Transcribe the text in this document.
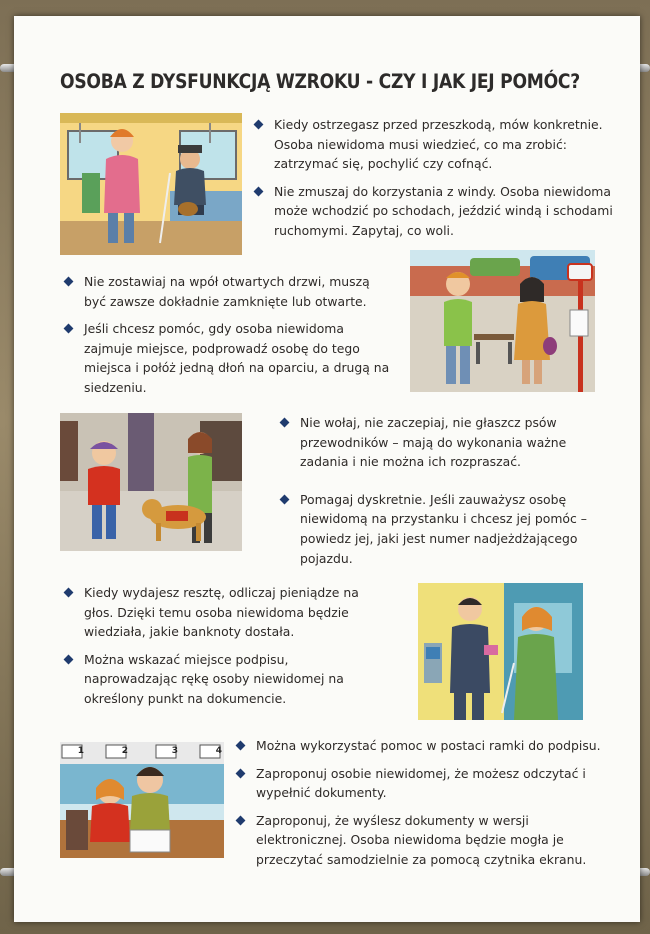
OSOBA Z DYSFUNKCJĄ WZROKU - CZY I JAK JEJ POMÓC?
Kiedy ostrzegasz przed przeszkodą, mów konkretnie. Osoba niewidoma musi wiedzieć, co ma zrobić: zatrzymać się, pochylić czy cofnąć.
Nie zmuszaj do korzystania z windy. Osoba niewidoma może wchodzić po schodach, jeździć windą i schodami ruchomymi. Zapytaj, co woli.
Nie zostawiaj na wpół otwartych drzwi, muszą być zawsze dokładnie zamknięte lub otwarte.
Jeśli chcesz pomóc, gdy osoba niewidoma zajmuje miejsce, podprowadź osobę do tego miejsca i połóż jedną dłoń na oparciu, a drugą na siedzeniu.
Nie wołaj, nie zaczepiaj, nie głaszcz psów przewodników – mają do wykonania ważne zadania i nie można ich rozpraszać.
Pomagaj dyskretnie. Jeśli zauważysz osobę niewidomą na przystanku i chcesz jej pomóc – powiedz jej, jaki jest numer nadjeżdżającego pojazdu.
Kiedy wydajesz resztę, odliczaj pieniądze na głos. Dzięki temu osoba niewidoma będzie wiedziała, jakie banknoty dostała.
Można wskazać miejsce podpisu, naprowadzając rękę osoby niewidomej na określony punkt na dokumencie.
1	2	3	4	Można wykorzystać pomoc w postaci ramki do podpisu.
Zaproponuj osobie niewidomej, że możesz odczytać i wypełnić dokumenty.
Zaproponuj, że wyślesz dokumenty w wersji elektronicznej. Osoba niewidoma będzie mogła je przeczytać samodzielnie za pomocą czytnika ekranu.
